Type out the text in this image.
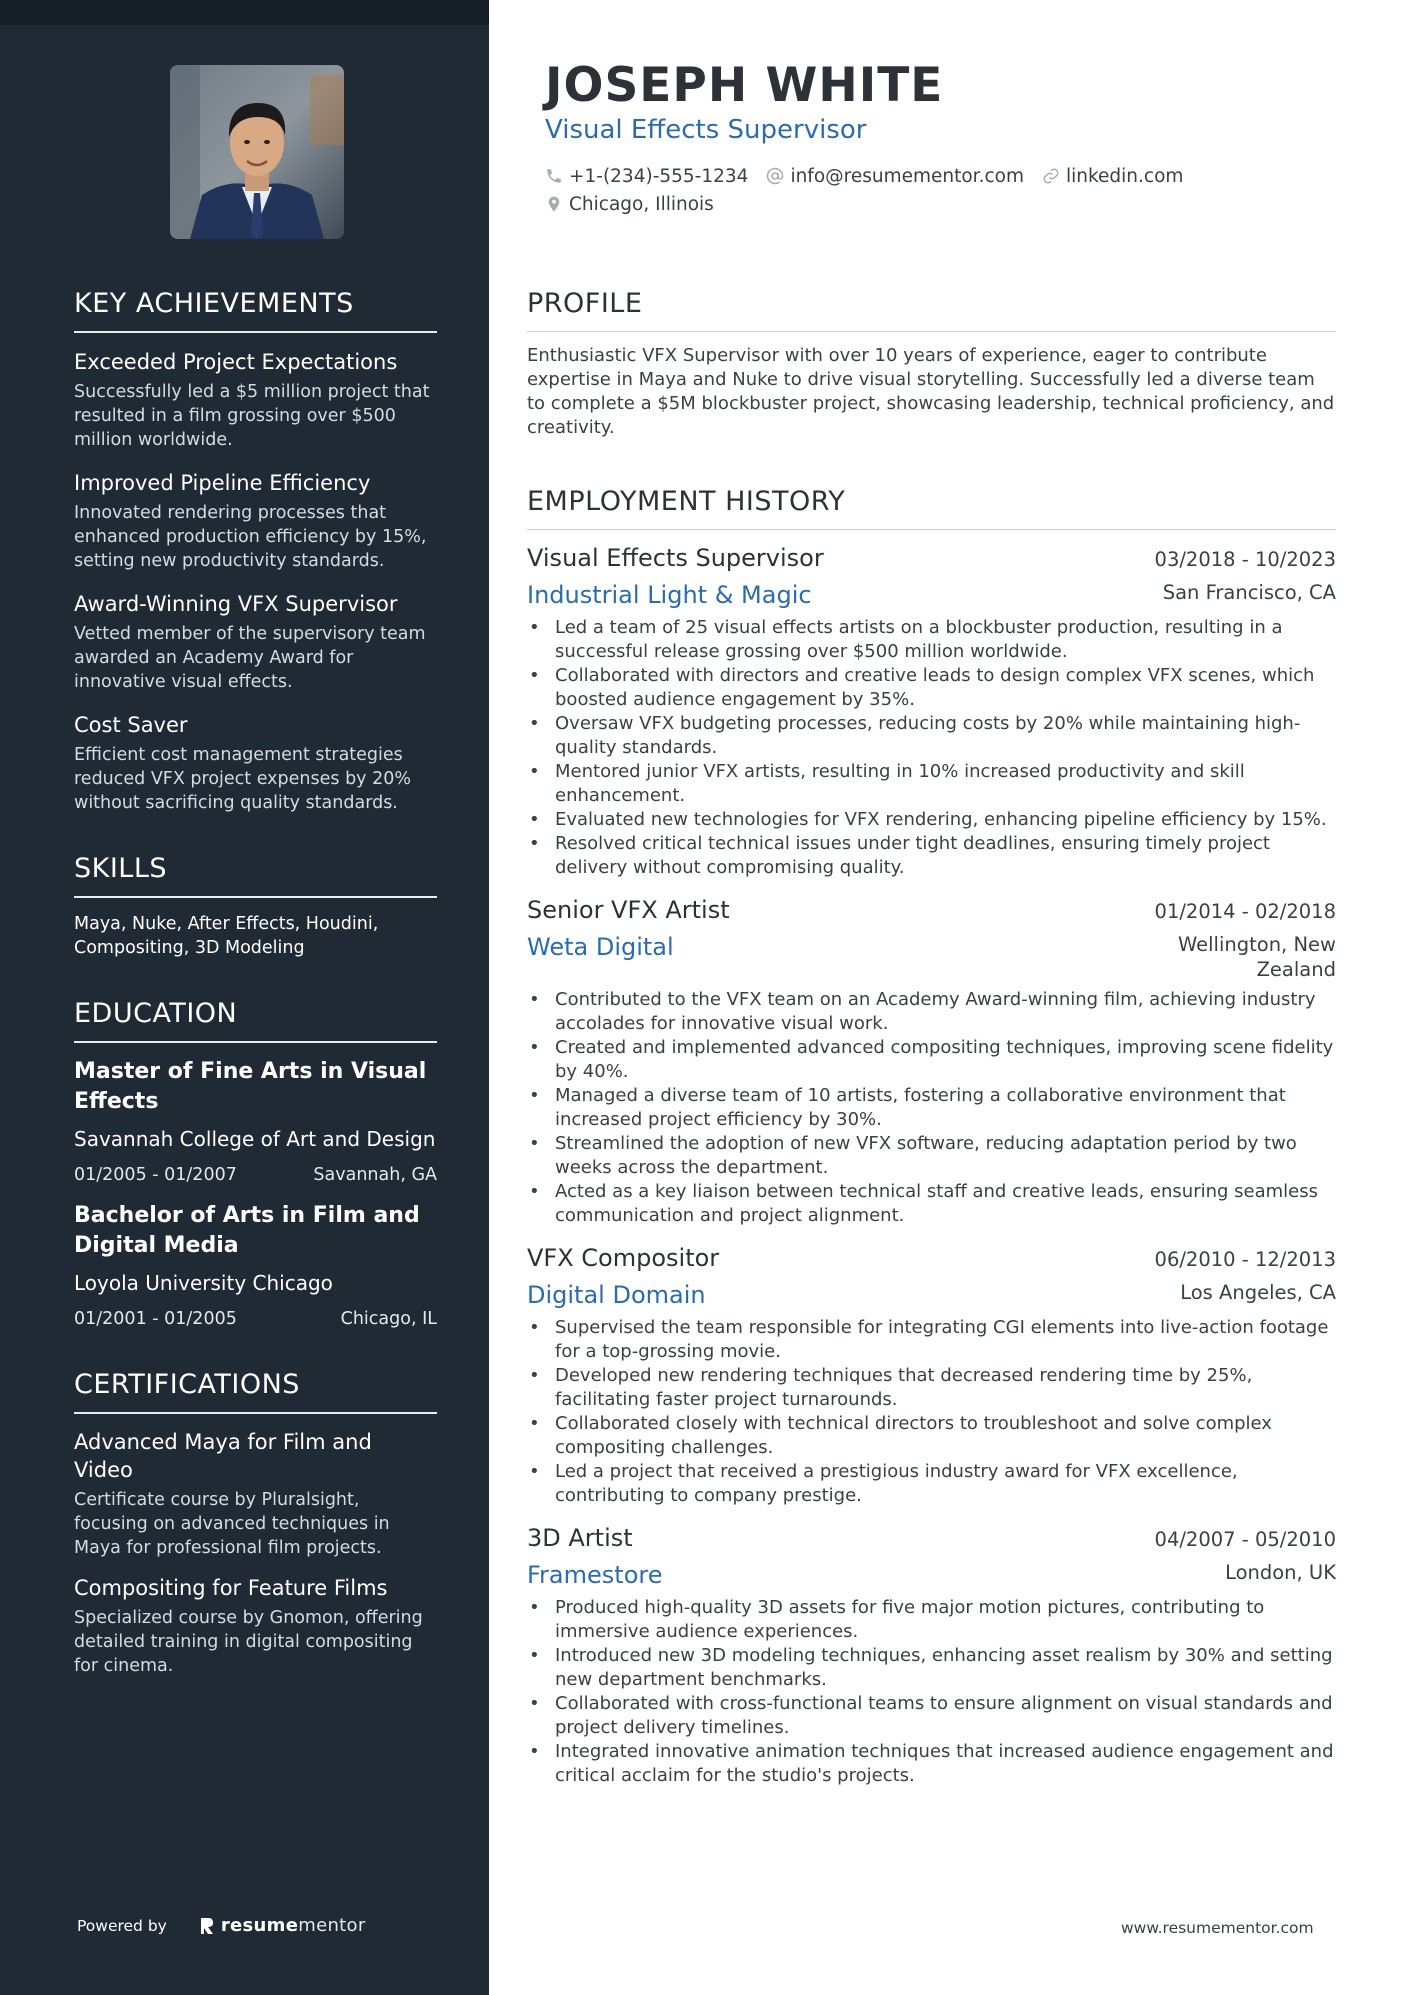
KEY ACHIEVEMENTS
Exceeded Project Expectations
Successfully led a $5 million project that resulted in a film grossing over $500 million worldwide.
Improved Pipeline Efficiency
Innovated rendering processes that enhanced production efficiency by 15%, setting new productivity standards.
Award-Winning VFX Supervisor
Vetted member of the supervisory team awarded an Academy Award for innovative visual effects.
Cost Saver
Efficient cost management strategies reduced VFX project expenses by 20% without sacrificing quality standards.
SKILLS
Maya, Nuke, After Effects, Houdini, Compositing, 3D Modeling
EDUCATION
Master of Fine Arts in Visual Effects
Savannah College of Art and Design
01/2005 - 01/2007	Savannah, GA
Bachelor of Arts in Film and Digital Media
Loyola University Chicago
01/2001 - 01/2005	Chicago, IL
CERTIFICATIONS
Advanced Maya for Film and Video
Certificate course by Pluralsight, focusing on advanced techniques in Maya for professional film projects.
Compositing for Feature Films
Specialized course by Gnomon, offering detailed training in digital compositing for cinema.
Powered by	resume mentor
JOSEPH WHITE
Visual Effects Supervisor
+1-(234)-555-1234 info@resumementor.com linkedin.com
Chicago, Illinois
PROFILE

Enthusiastic VFX Supervisor with over 10 years of experience, eager to contribute expertise in Maya and Nuke to drive visual storytelling. Successfully led a diverse team to complete a $5M blockbuster project, showcasing leadership, technical proficiency, and creativity.

EMPLOYMENT HISTORY
Visual Effects Supervisor	03/2018 - 10/2023
Industrial Light & Magic	San Francisco, CA
• Led a team of 25 visual effects artists on a blockbuster production, resulting in a successful release grossing over $500 million worldwide.
• Collaborated with directors and creative leads to design complex VFX scenes, which boosted audience engagement by 35%.
• Oversaw VFX budgeting processes, reducing costs by 20% while maintaining high-quality standards.
• Mentored junior VFX artists, resulting in 10% increased productivity and skill enhancement.
• Evaluated new technologies for VFX rendering, enhancing pipeline efficiency by 15%.
• Resolved critical technical issues under tight deadlines, ensuring timely project delivery without compromising quality.
Senior VFX Artist	01/2014 - 02/2018
Weta Digital	Wellington, New Zealand
• Contributed to the VFX team on an Academy Award-winning film, achieving industry accolades for innovative visual work.
• Created and implemented advanced compositing techniques, improving scene fidelity by 40%.
• Managed a diverse team of 10 artists, fostering a collaborative environment that increased project efficiency by 30%.
• Streamlined the adoption of new VFX software, reducing adaptation period by two weeks across the department.
• Acted as a key liaison between technical staff and creative leads, ensuring seamless communication and project alignment.
VFX Compositor	06/2010 - 12/2013
Digital Domain	Los Angeles, CA
• Supervised the team responsible for integrating CGI elements into live-action footage for a top-grossing movie.
• Developed new rendering techniques that decreased rendering time by 25%, facilitating faster project turnarounds.
• Collaborated closely with technical directors to troubleshoot and solve complex compositing challenges.
• Led a project that received a prestigious industry award for VFX excellence, contributing to company prestige.
3D Artist	04/2007 - 05/2010
Framestore	London, UK
• Produced high-quality 3D assets for five major motion pictures, contributing to immersive audience experiences.
• Introduced new 3D modeling techniques, enhancing asset realism by 30% and setting new department benchmarks.
• Collaborated with cross-functional teams to ensure alignment on visual standards and project delivery timelines.
• Integrated innovative animation techniques that increased audience engagement and critical acclaim for the studio's projects.
www.resumementor.com
